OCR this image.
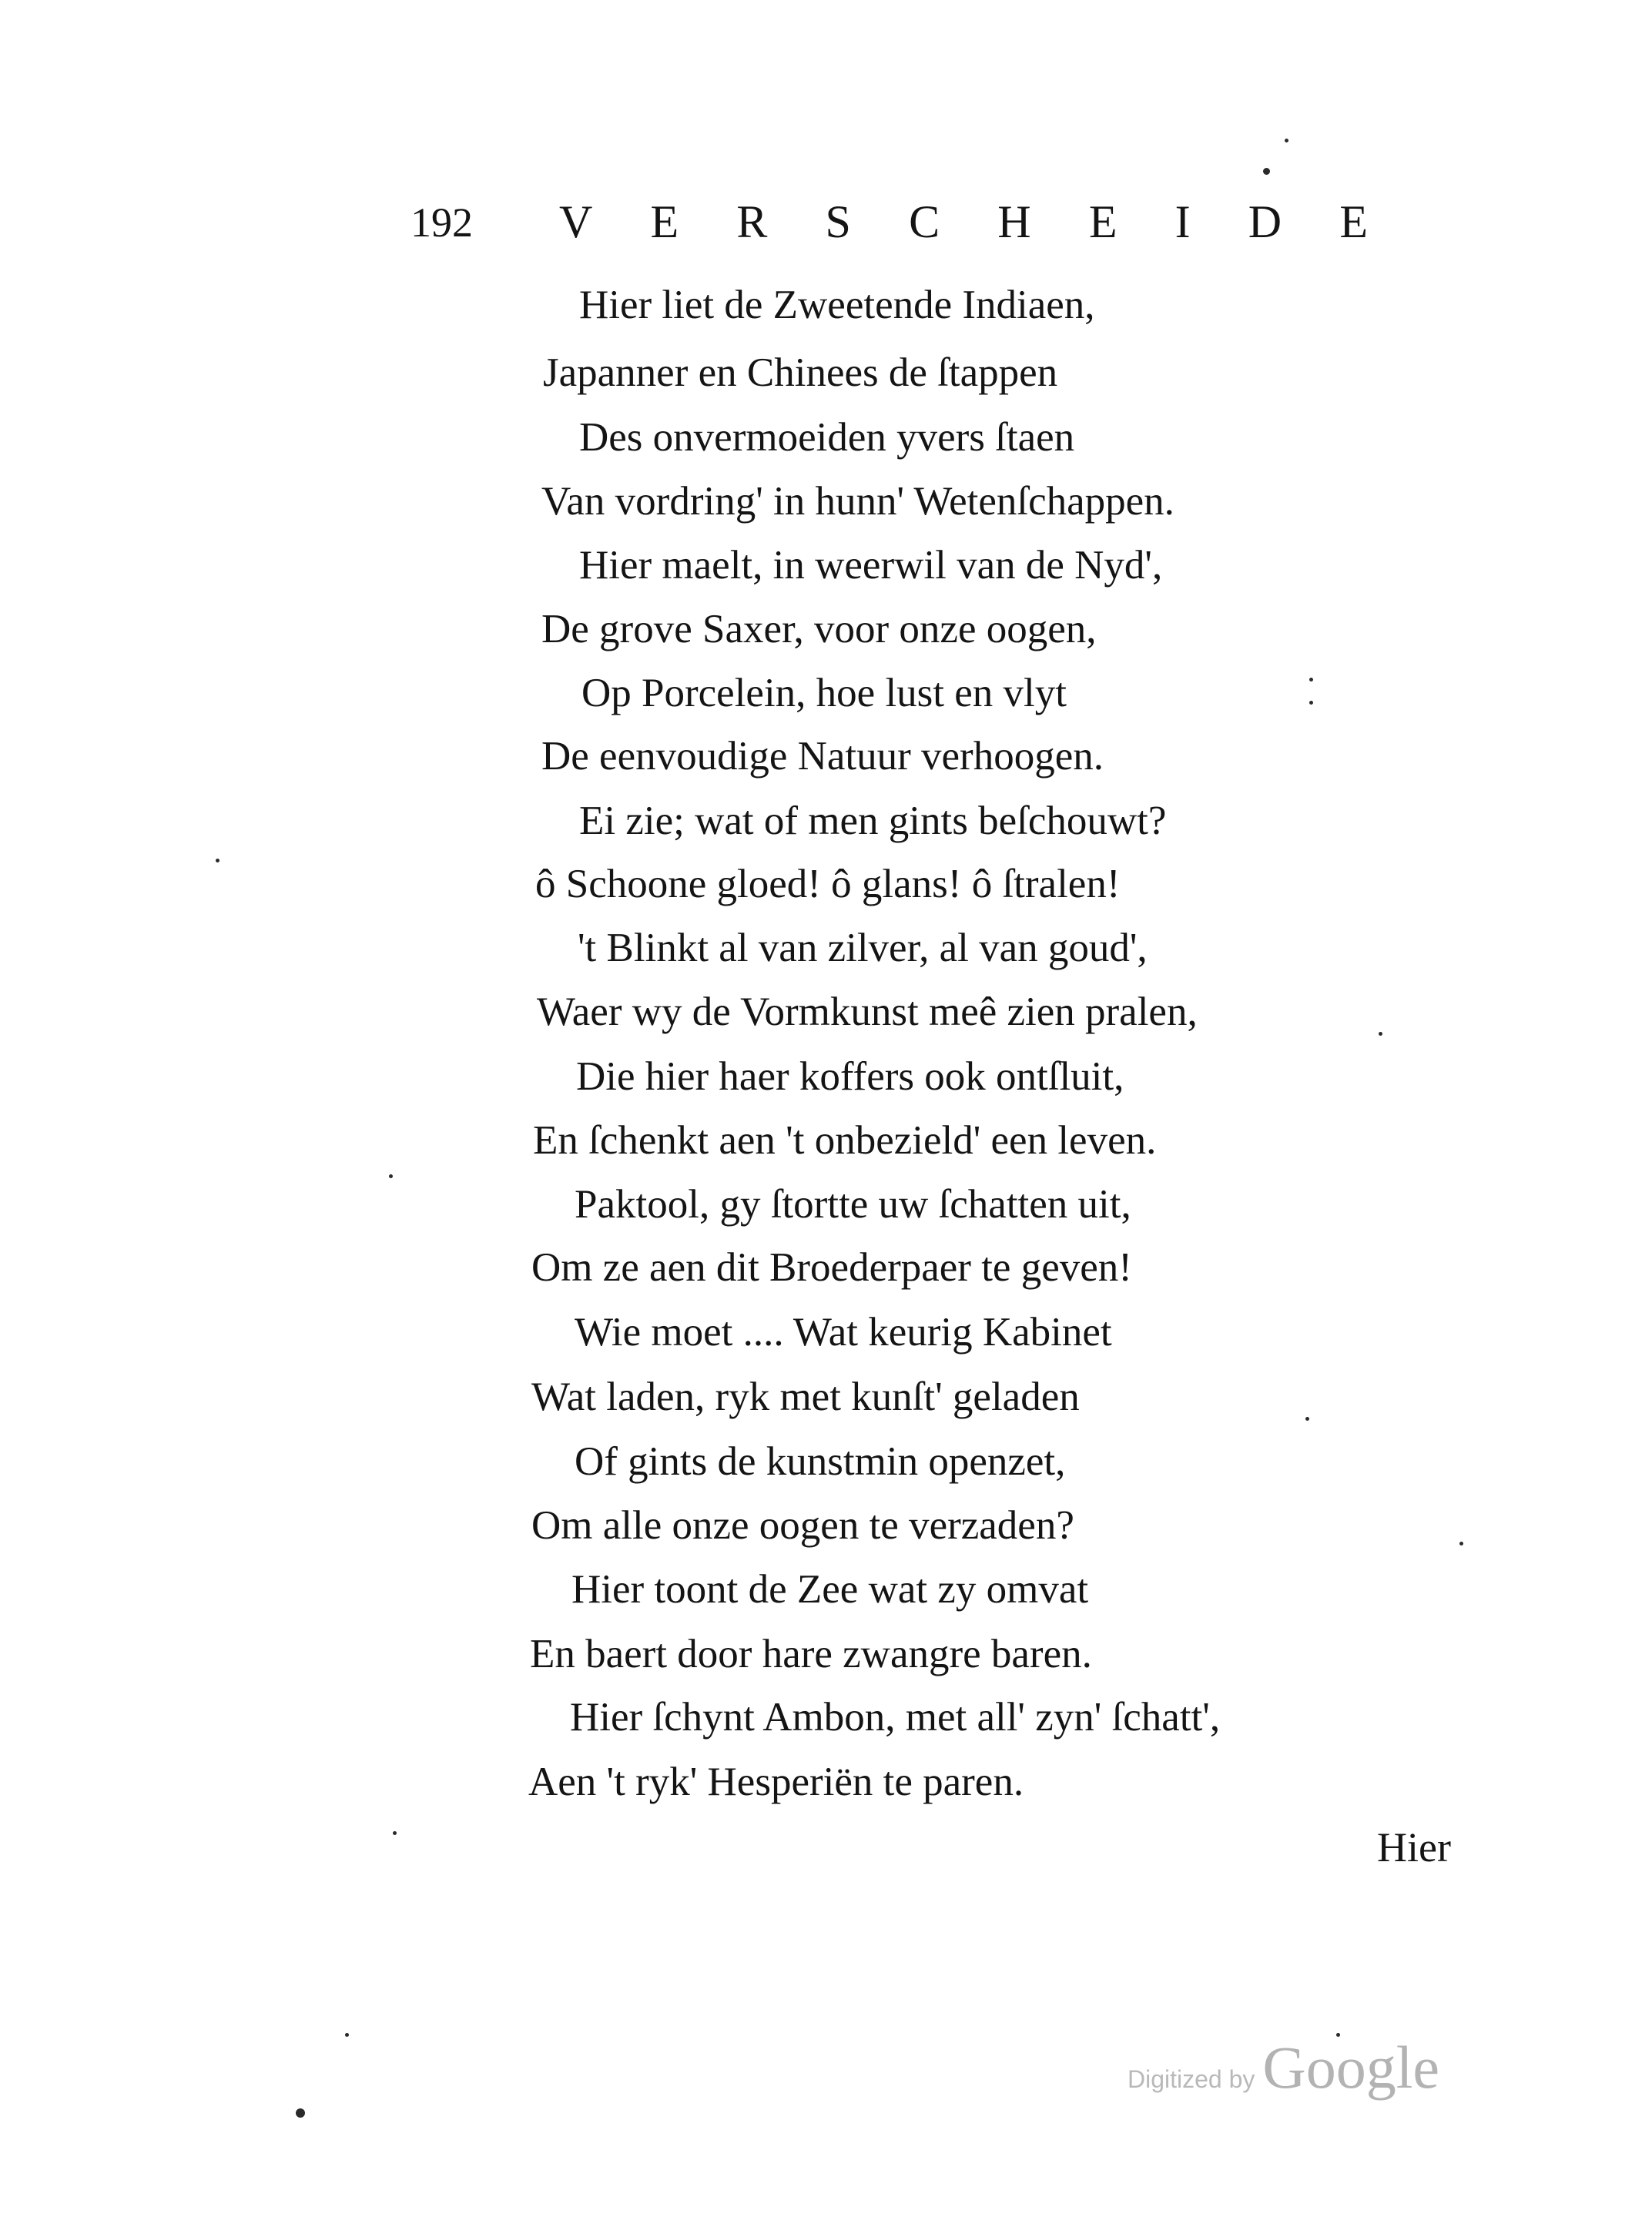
192 V E R S C H E I D E
Hier liet de Zweetende Indiaen,
Japanner en Chinees de ſtappen
Des onvermoeiden yvers ſtaen
Van vordring' in hunn' Wetenſchappen.
Hier maelt, in weerwil van de Nyd',
De grove Saxer, voor onze oogen,
Op Porcelein, hoe lust en vlyt
De eenvoudige Natuur verhoogen.
Ei zie; wat of men gints beſchouwt?
ô Schoone gloed! ô glans! ô ſtralen!
't Blinkt al van zilver, al van goud',
Waer wy de Vormkunst meê zien pralen,
Die hier haer koffers ook ontſluit,
En ſchenkt aen 't onbezield' een leven.
Paktool, gy ſtortte uw ſchatten uit,
Om ze aen dit Broederpaer te geven!
Wie moet .... Wat keurig Kabinet
Wat laden, ryk met kunſt' geladen
Of gints de kunstmin openzet,
Om alle onze oogen te verzaden?
Hier toont de Zee wat zy omvat
En baert door hare zwangre baren.
Hier ſchynt Ambon, met all' zyn' ſchatt',
Aen 't ryk' Hesperiën te paren.
Hier
Digitized by Google
